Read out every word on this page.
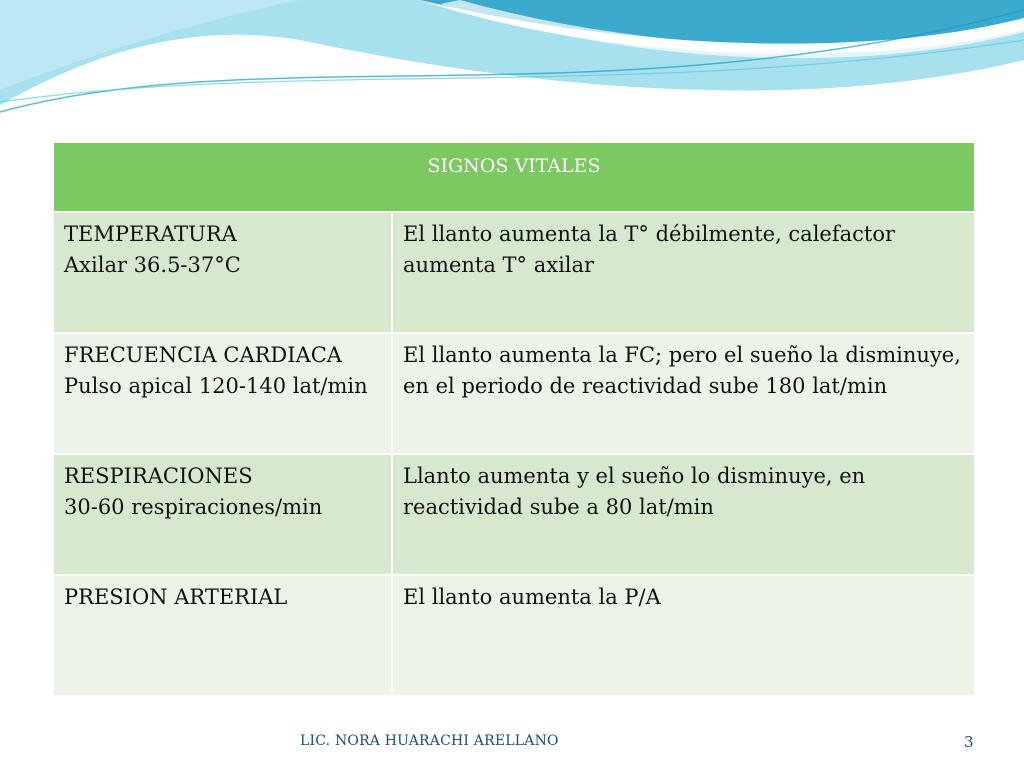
SIGNOS VITALES	

TEMPERATURA
Axilar 36.5-37°C	El llanto aumenta la T° débilmente, calefactor aumenta T° axilar

FRECUENCIA CARDIACA
Pulso apical 120-140 lat/min	El llanto aumenta la FC; pero el sueño la disminuye, en el periodo de reactividad sube 180 lat/min

RESPIRACIONES
30-60 respiraciones/min	Llanto aumenta y el sueño lo disminuye, en reactividad sube a 80 lat/min

PRESION ARTERIAL	El llanto aumenta la P/A
LIC. NORA HUARACHI ARELLANO	3
